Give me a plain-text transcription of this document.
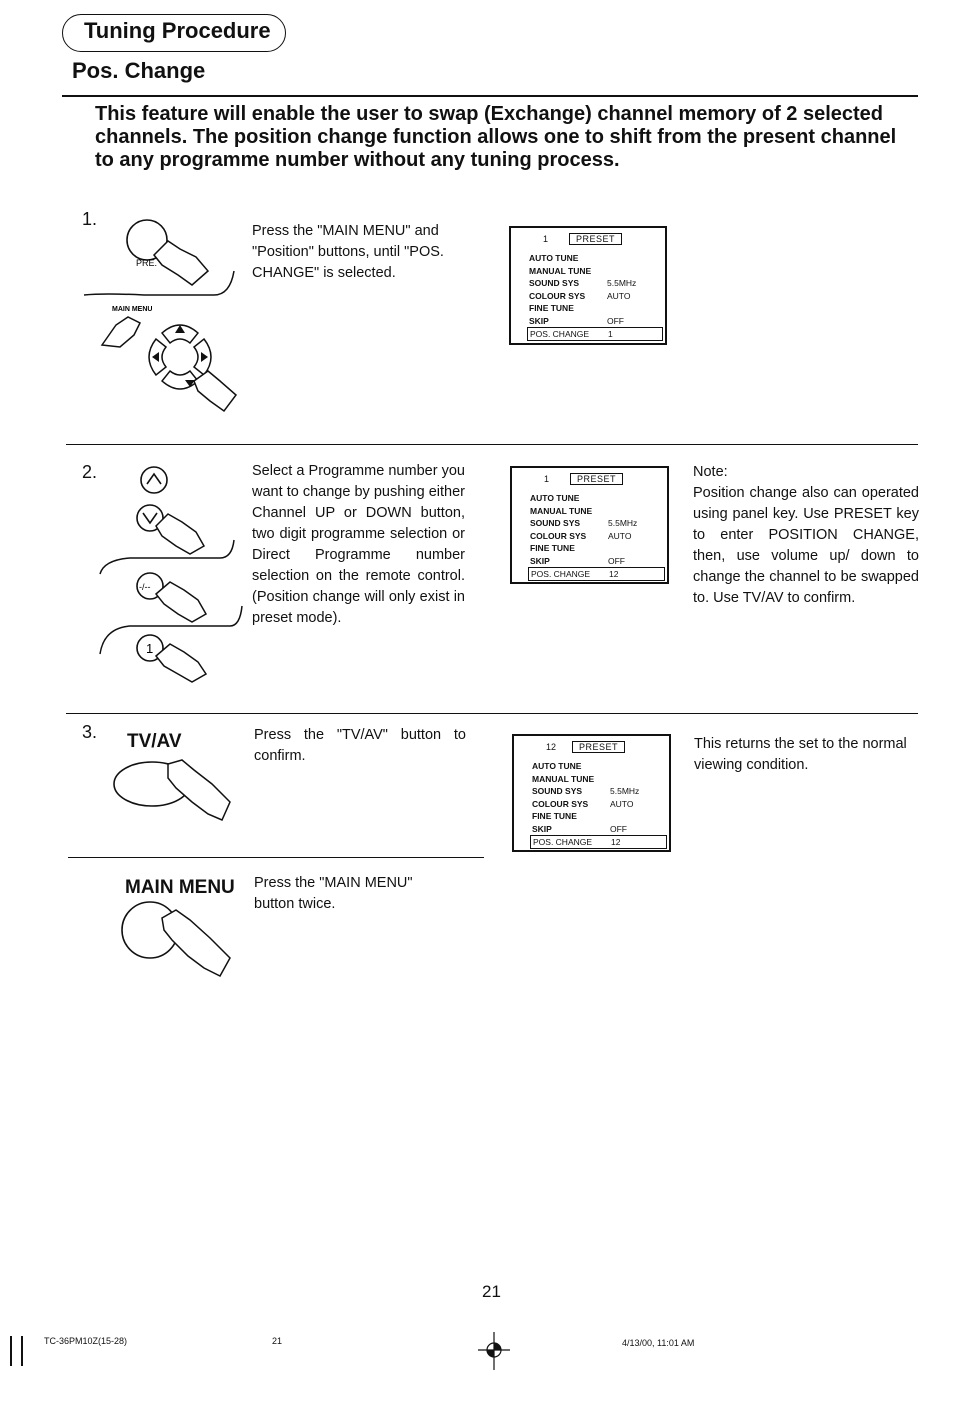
Tuning Procedure
Pos. Change
This feature will enable the user to swap (Exchange) channel memory of 2 selected channels. The position change function allows one to shift from the present channel to any programme number without any tuning process.
1.
PRE.
MAIN MENU
Press the "MAIN MENU" and "Position" buttons, until "POS. CHANGE" is selected.
1	PRESET
AUTO TUNE
MANUAL TUNE
SOUND SYS	5.5MHz
COLOUR SYS	AUTO
FINE TUNE
SKIP	OFF
POS. CHANGE 1
2.
-/--
1
Select a Programme number you want to change by pushing either Channel UP or DOWN button, two digit programme selection or Direct Programme number selection on the remote control. (Position change will only exist in preset mode).
1	PRESET
AUTO TUNE
MANUAL TUNE
SOUND SYS	5.5MHz
COLOUR SYS	AUTO
FINE TUNE
SKIP	OFF
POS. CHANGE 12
Note:
Position change also can operated using panel key. Use PRESET key to enter POSITION CHANGE, then, use volume up/ down to change the channel to be swapped to. Use TV/AV to confirm.
3. TV/AV	Press the "TV/AV" button to confirm.
12	PRESET
AUTO TUNE
MANUAL TUNE
SOUND SYS	5.5MHz
COLOUR SYS	AUTO
FINE TUNE
SKIP	OFF
POS. CHANGE 12
This returns the set to the normal viewing condition.
MAIN MENU Press the "MAIN MENU" button twice.
21
TC-36PM10Z(15-28)	21	4/13/00, 11:01 AM
